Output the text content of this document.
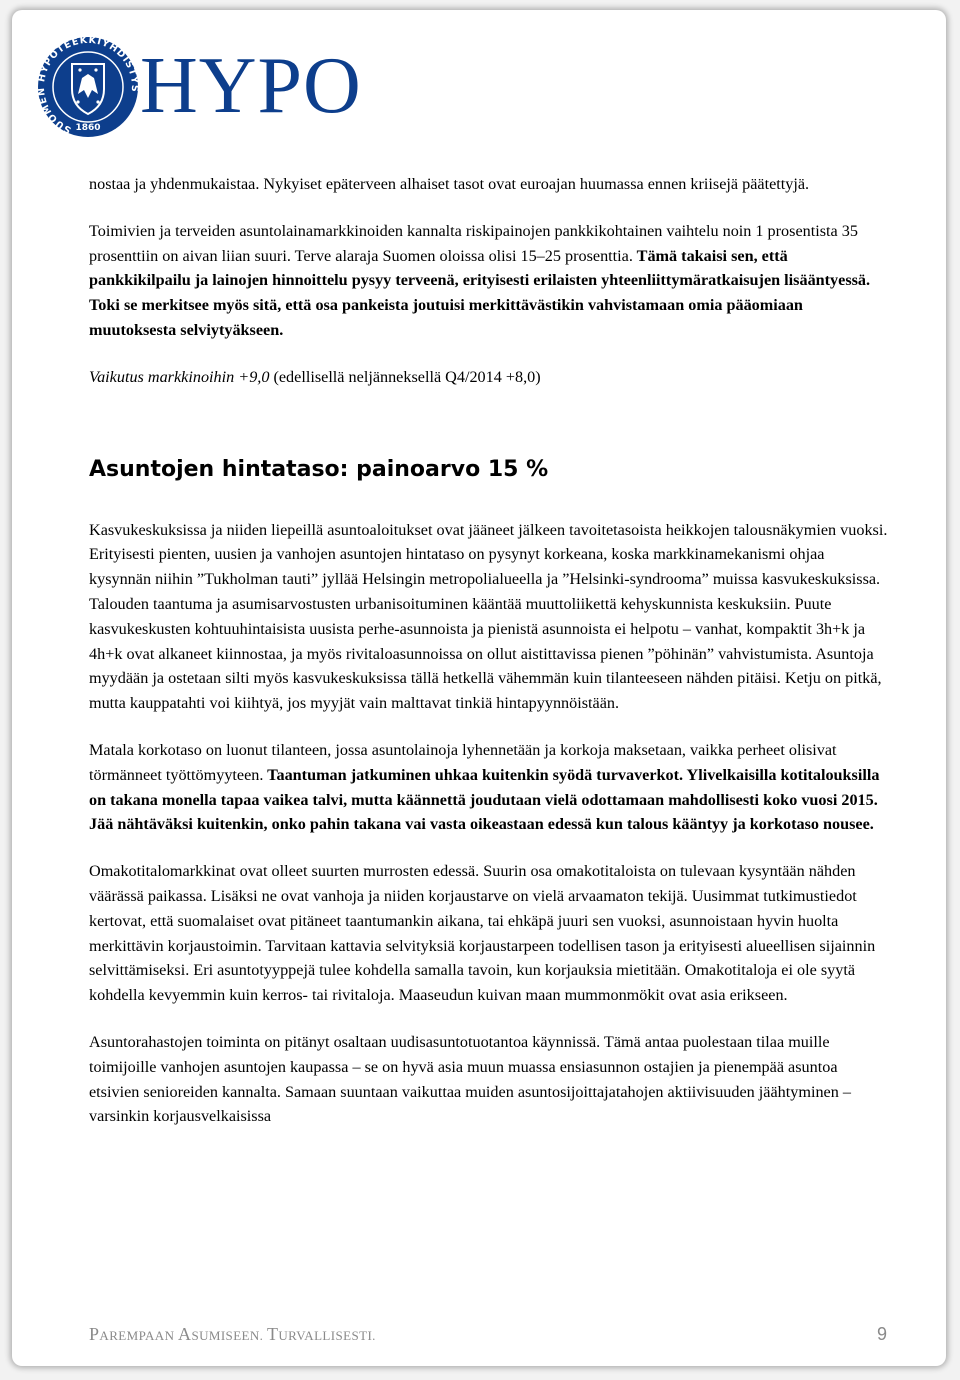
SUOMEN HYPOTEEKKIYHDISTYS
1860 HYPO

nostaa ja yhdenmukaistaa. Nykyiset epäterveen alhaiset tasot ovat euroajan huumassa ennen kriisejä päätettyjä.

Toimivien ja terveiden asuntolainamarkkinoiden kannalta riskipainojen pankkikohtainen vaihtelu noin 1 prosentista 35 prosenttiin on aivan liian suuri. Terve alaraja Suomen oloissa olisi 15–25 prosenttia. Tämä takaisi sen, että pankkikilpailu ja lainojen hinnoittelu pysyy terveenä, erityisesti erilaisten yhteenliittymäratkaisujen lisääntyessä. Toki se merkitsee myös sitä, että osa pankeista joutuisi merkittävästikin vahvistamaan omia pääomiaan muutoksesta selviytyäkseen.

Vaikutus markkinoihin +9,0 (edellisellä neljänneksellä Q4/2014 +8,0)

Asuntojen hintataso: painoarvo 15 %

Kasvukeskuksissa ja niiden liepeillä asuntoaloitukset ovat jääneet jälkeen tavoitetasoista heikkojen talousnäkymien vuoksi. Erityisesti pienten, uusien ja vanhojen asuntojen hintataso on pysynyt korkeana, koska markkinamekanismi ohjaa kysynnän niihin ”Tukholman tauti” jyllää Helsingin metropolialueella ja ”Helsinki-syndrooma” muissa kasvukeskuksissa. Talouden taantuma ja asumisarvostusten urbanisoituminen kääntää muuttoliikettä kehyskunnista keskuksiin. Puute kasvukeskusten kohtuuhintaisista uusista perhe-asunnoista ja pienistä asunnoista ei helpotu – vanhat, kompaktit 3h+k ja 4h+k ovat alkaneet kiinnostaa, ja myös rivitaloasunnoissa on ollut aistittavissa pienen ”pöhinän” vahvistumista. Asuntoja myydään ja ostetaan silti myös kasvukeskuksissa tällä hetkellä vähemmän kuin tilanteeseen nähden pitäisi. Ketju on pitkä, mutta kauppatahti voi kiihtyä, jos myyjät vain malttavat tinkiä hintapyynnöistään.

Matala korkotaso on luonut tilanteen, jossa asuntolainoja lyhennetään ja korkoja maksetaan, vaikka perheet olisivat törmänneet työttömyyteen. Taantuman jatkuminen uhkaa kuitenkin syödä turvaverkot. Ylivelkaisilla kotitalouksilla on takana monella tapaa vaikea talvi, mutta käännettä joudutaan vielä odottamaan mahdollisesti koko vuosi 2015. Jää nähtäväksi kuitenkin, onko pahin takana vai vasta oikeastaan edessä kun talous kääntyy ja korkotaso nousee.

Omakotitalomarkkinat ovat olleet suurten murrosten edessä. Suurin osa omakotitaloista on tulevaan kysyntään nähden väärässä paikassa. Lisäksi ne ovat vanhoja ja niiden korjaustarve on vielä arvaamaton tekijä. Uusimmat tutkimustiedot kertovat, että suomalaiset ovat pitäneet taantumankin aikana, tai ehkäpä juuri sen vuoksi, asunnoistaan hyvin huolta merkittävin korjaustoimin. Tarvitaan kattavia selvityksiä korjaustarpeen todellisen tason ja erityisesti alueellisen sijainnin selvittämiseksi. Eri asuntotyyppejä tulee kohdella samalla tavoin, kun korjauksia mietitään. Omakotitaloja ei ole syytä kohdella kevyemmin kuin kerros- tai rivitaloja. Maaseudun kuivan maan mummonmökit ovat asia erikseen.

Asuntorahastojen toiminta on pitänyt osaltaan uudisasuntotuotantoa käynnissä. Tämä antaa puolestaan tilaa muille toimijoille vanhojen asuntojen kaupassa – se on hyvä asia muun muassa ensiasunnon ostajien ja pienempää asuntoa etsivien senioreiden kannalta. Samaan suuntaan vaikuttaa muiden asuntosijoittajatahojen aktiivisuuden jäähtyminen – varsinkin korjausvelkaisissa

PAREMPAAN ASUMISEEN. TURVALLISESTI.	9
